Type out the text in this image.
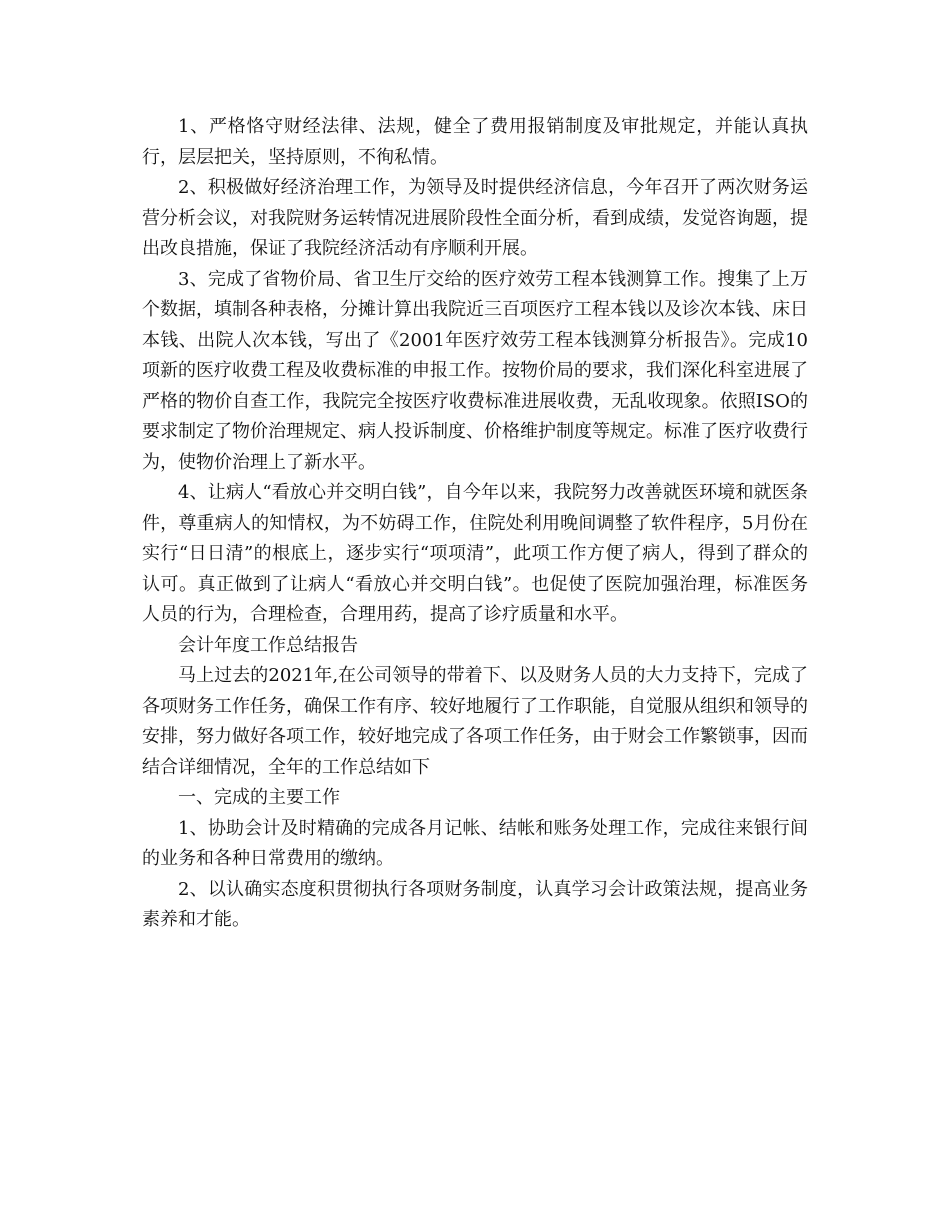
1、严格恪守财经法律、法规，健全了费用报销制度及审批规定，并能认真执行，层层把关，坚持原则，不徇私情。

2、积极做好经济治理工作，为领导及时提供经济信息，今年召开了两次财务运营分析会议，对我院财务运转情况进展阶段性全面分析，看到成绩，发觉咨询题，提出改良措施，保证了我院经济活动有序顺利开展。

3、完成了省物价局、省卫生厅交给的医疗效劳工程本钱测算工作。搜集了上万个数据，填制各种表格，分摊计算出我院近三百项医疗工程本钱以及诊次本钱、床日本钱、出院人次本钱，写出了《2001年医疗效劳工程本钱测算分析报告》。完成10项新的医疗收费工程及收费标准的申报工作。按物价局的要求，我们深化科室进展了严格的物价自查工作，我院完全按医疗收费标准进展收费，无乱收现象。依照ISO的要求制定了物价治理规定、病人投诉制度、价格维护制度等规定。标准了医疗收费行为，使物价治理上了新水平。

4、让病人“看放心并交明白钱”，自今年以来，我院努力改善就医环境和就医条件，尊重病人的知情权，为不妨碍工作，住院处利用晚间调整了软件程序，5月份在实行“日日清”的根底上，逐步实行“项项清”，此项工作方便了病人，得到了群众的认可。真正做到了让病人“看放心并交明白钱”。也促使了医院加强治理，标准医务人员的行为，合理检查，合理用药，提高了诊疗质量和水平。

会计年度工作总结报告

马上过去的2021年,在公司领导的带着下、以及财务人员的大力支持下，完成了各项财务工作任务，确保工作有序、较好地履行了工作职能，自觉服从组织和领导的安排，努力做好各项工作，较好地完成了各项工作任务，由于财会工作繁锁事，因而结合详细情况，全年的工作总结如下

一、完成的主要工作

1、协助会计及时精确的完成各月记帐、结帐和账务处理工作，完成往来银行间的业务和各种日常费用的缴纳。

2、以认确实态度积贯彻执行各项财务制度，认真学习会计政策法规，提高业务素养和才能。
